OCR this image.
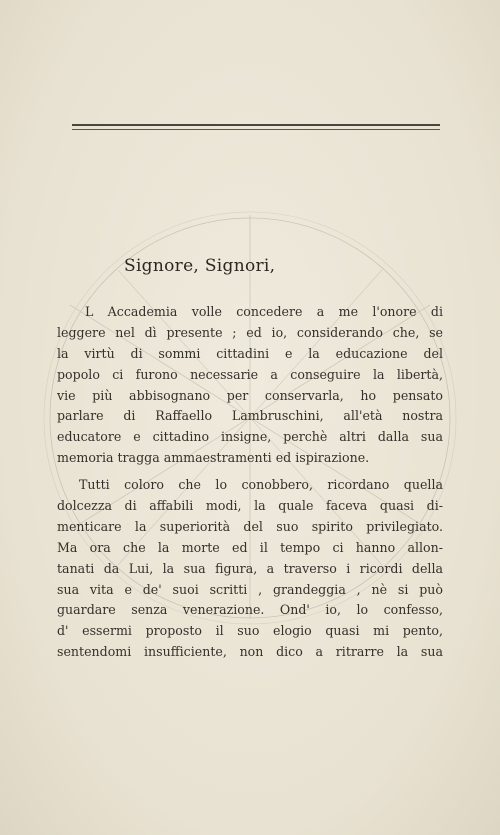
Signore, Signori,
L Accademia volle concedere a me l'onore di
leggere nel dì presente ; ed io, considerando che, se
la virtù di sommi cittadini e la educazione del
popolo ci furono necessarie a conseguire la libertà,
vie più abbisognano per conservarla, ho pensato
parlare di Raffaello Lambruschini, all'età nostra
educatore e cittadino insigne, perchè altri dalla sua
memoria tragga ammaestramenti ed ispirazione.
Tutti coloro che lo conobbero, ricordano quella
dolcezza di affabili modi, la quale faceva quasi di-
menticare la superiorità del suo spirito privilegiato.
Ma ora che la morte ed il tempo ci hanno allon-
tanati da Lui, la sua figura, a traverso i ricordi della
sua vita e de' suoi scritti , grandeggia , nè si può
guardare senza venerazione. Ond' io, lo confesso,
d' essermi proposto il suo elogio quasi mi pento,
sentendomi insufficiente, non dico a ritrarre la sua
